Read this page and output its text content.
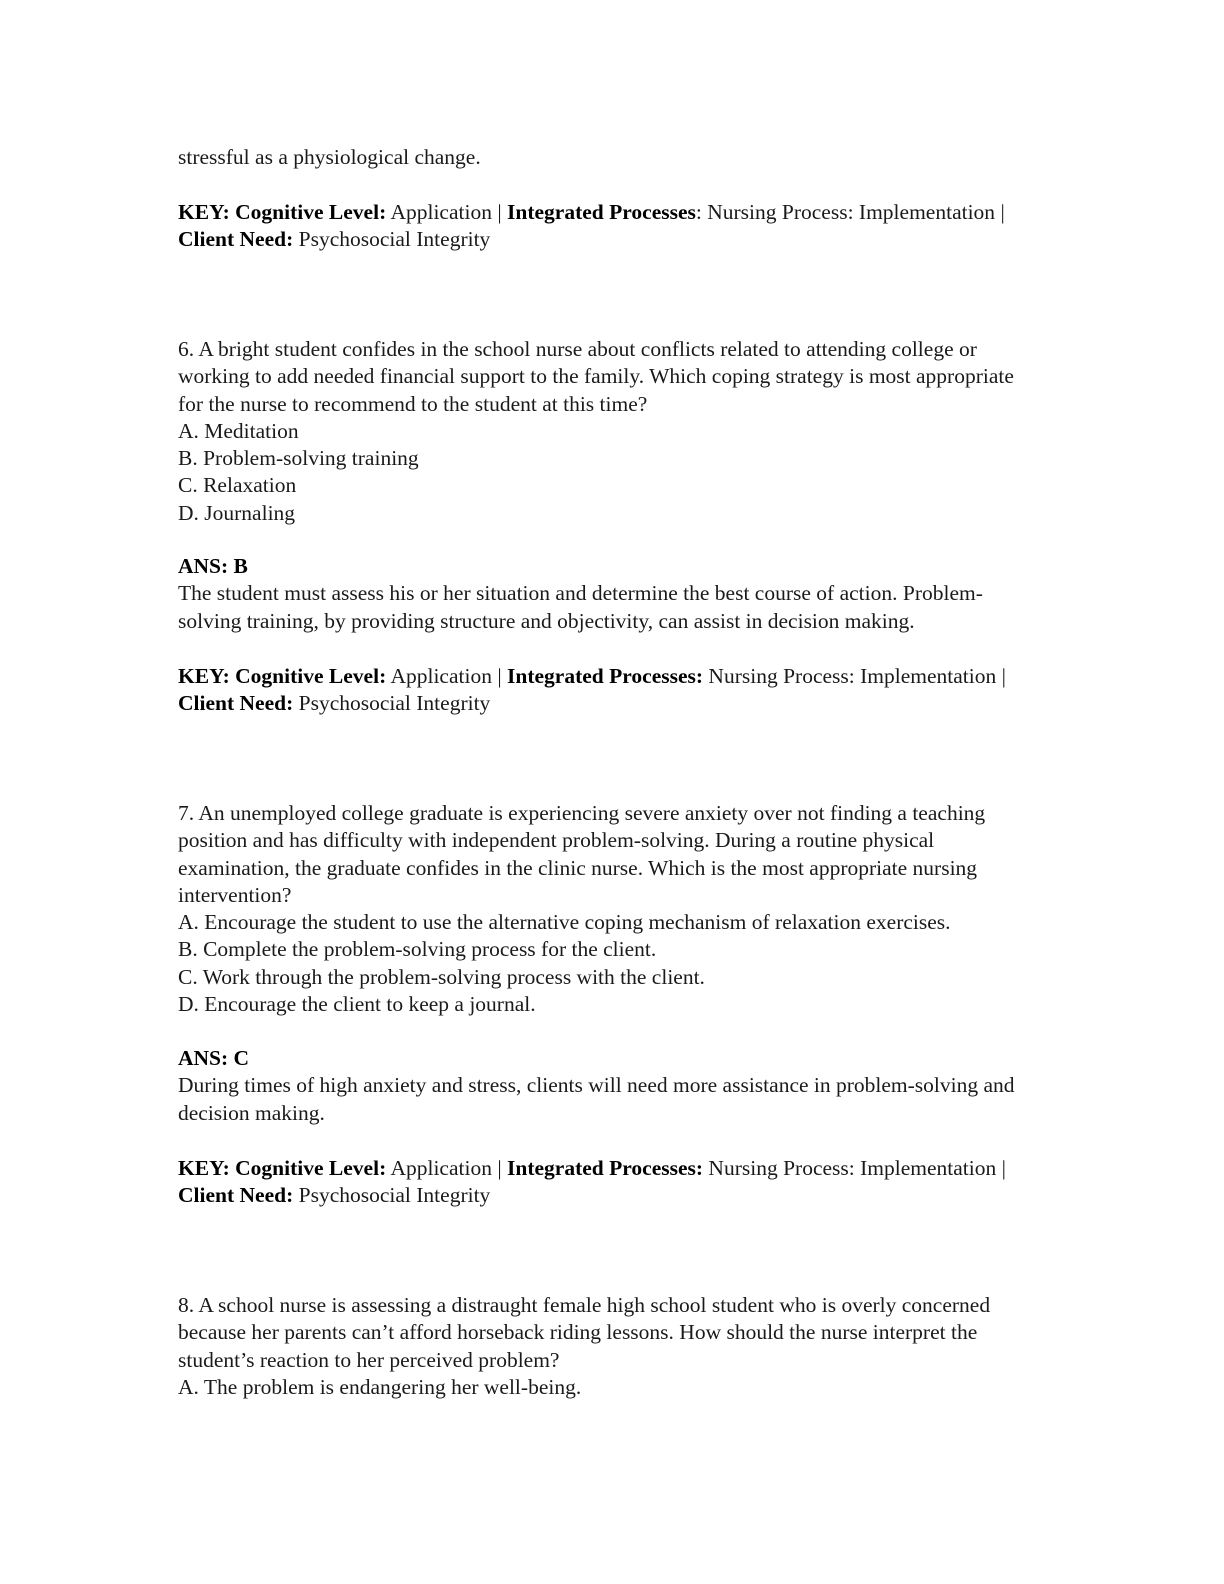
stressful as a physiological change.

KEY: Cognitive Level: Application | Integrated Processes: Nursing Process: Implementation |
Client Need: Psychosocial Integrity

6. A bright student confides in the school nurse about conflicts related to attending college or

working to add needed financial support to the family. Which coping strategy is most appropriate

for the nurse to recommend to the student at this time?

A. Meditation

B. Problem-solving training

C. Relaxation

D. Journaling

ANS: B

The student must assess his or her situation and determine the best course of action. Problem-

solving training, by providing structure and objectivity, can assist in decision making.

KEY: Cognitive Level: Application | Integrated Processes: Nursing Process: Implementation |
Client Need: Psychosocial Integrity

7. An unemployed college graduate is experiencing severe anxiety over not finding a teaching

position and has difficulty with independent problem-solving. During a routine physical

examination, the graduate confides in the clinic nurse. Which is the most appropriate nursing

intervention?

A. Encourage the student to use the alternative coping mechanism of relaxation exercises.

B. Complete the problem-solving process for the client.

C. Work through the problem-solving process with the client.

D. Encourage the client to keep a journal.

ANS: C

During times of high anxiety and stress, clients will need more assistance in problem-solving and

decision making.

KEY: Cognitive Level: Application | Integrated Processes: Nursing Process: Implementation |
Client Need: Psychosocial Integrity

8. A school nurse is assessing a distraught female high school student who is overly concerned

because her parents can’t afford horseback riding lessons. How should the nurse interpret the

student’s reaction to her perceived problem?

A. The problem is endangering her well-being.
